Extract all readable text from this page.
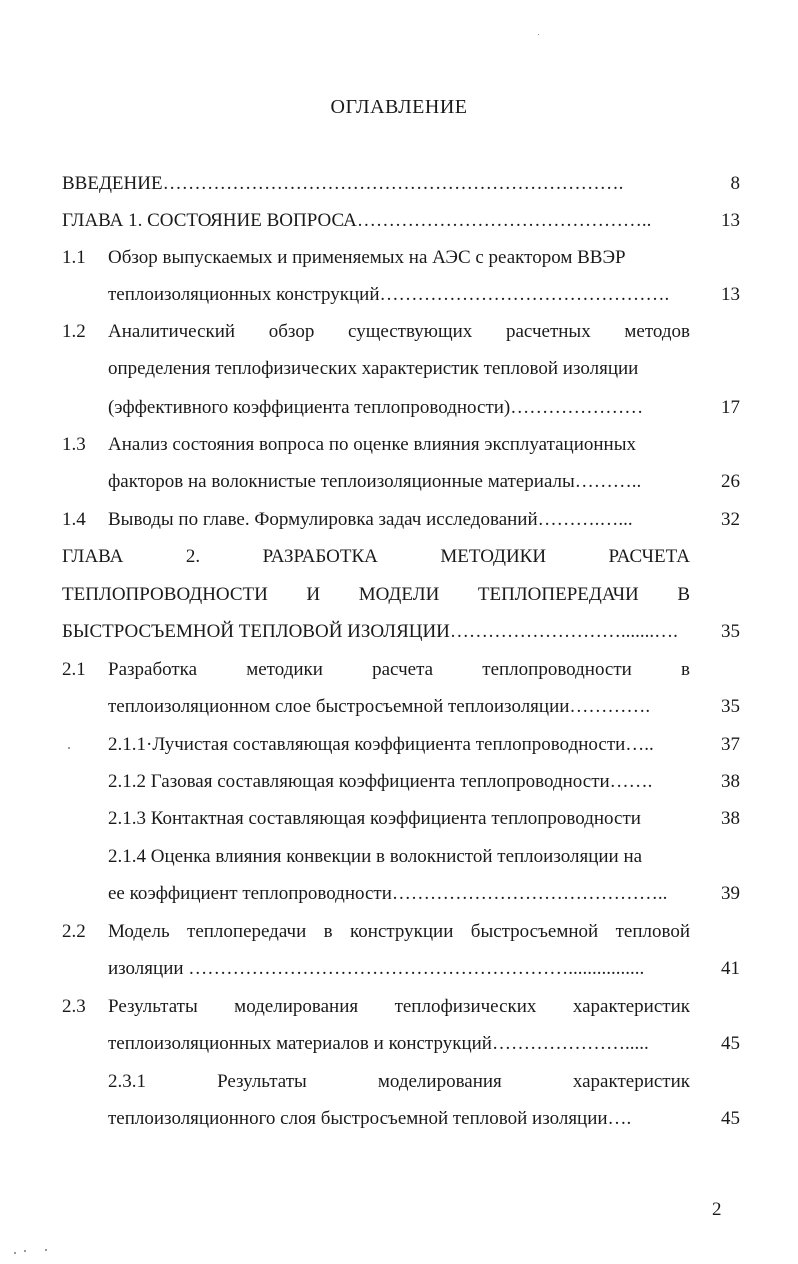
ОГЛАВЛЕНИЕ
ВВЕДЕНИЕ……………………………………………………………….	8
ГЛАВА 1. СОСТОЯНИЕ ВОПРОСА………………………………………..	13
1.1 Обзор выпускаемых и применяемых на АЭС с реактором ВВЭР
теплоизоляционных конструкций……………………………………….	13
1.2 Аналитический обзор существующих расчетных методов
определения теплофизических характеристик тепловой изоляции
(эффективного коэффициента теплопроводности)…………………	17
1.3 Анализ состояния вопроса по оценке влияния эксплуатационных
факторов на волокнистые теплоизоляционные материалы………..	26
1.4 Выводы по главе. Формулировка задач исследований……….…...	32
ГЛАВА 2. РАЗРАБОТКА МЕТОДИКИ РАСЧЕТА
ТЕПЛОПРОВОДНОСТИ И МОДЕЛИ ТЕПЛОПЕРЕДАЧИ В
БЫСТРОСЪЕМНОЙ ТЕПЛОВОЙ ИЗОЛЯЦИИ……………………….......….	35
2.1 Разработка методики расчета теплопроводности в
теплоизоляционном слое быстросъемной теплоизоляции………….	35
2.1.1·Лучистая составляющая коэффициента теплопроводности…..	37
2.1.2 Газовая составляющая коэффициента теплопроводности…….	38
2.1.3 Контактная составляющая коэффициента теплопроводности	38
2.1.4 Оценка влияния конвекции в волокнистой теплоизоляции на
ее коэффициент теплопроводности……………………………………..	39
2.2 Модель теплопередачи в конструкции быстросъемной тепловой
изоляции ……………………………………………………................	41
2.3 Результаты моделирования теплофизических характеристик
теплоизоляционных материалов и конструкций………………….....	45
2.3.1 Результаты моделирования характеристик
теплоизоляционного слоя быстросъемной тепловой изоляции….	45
2
